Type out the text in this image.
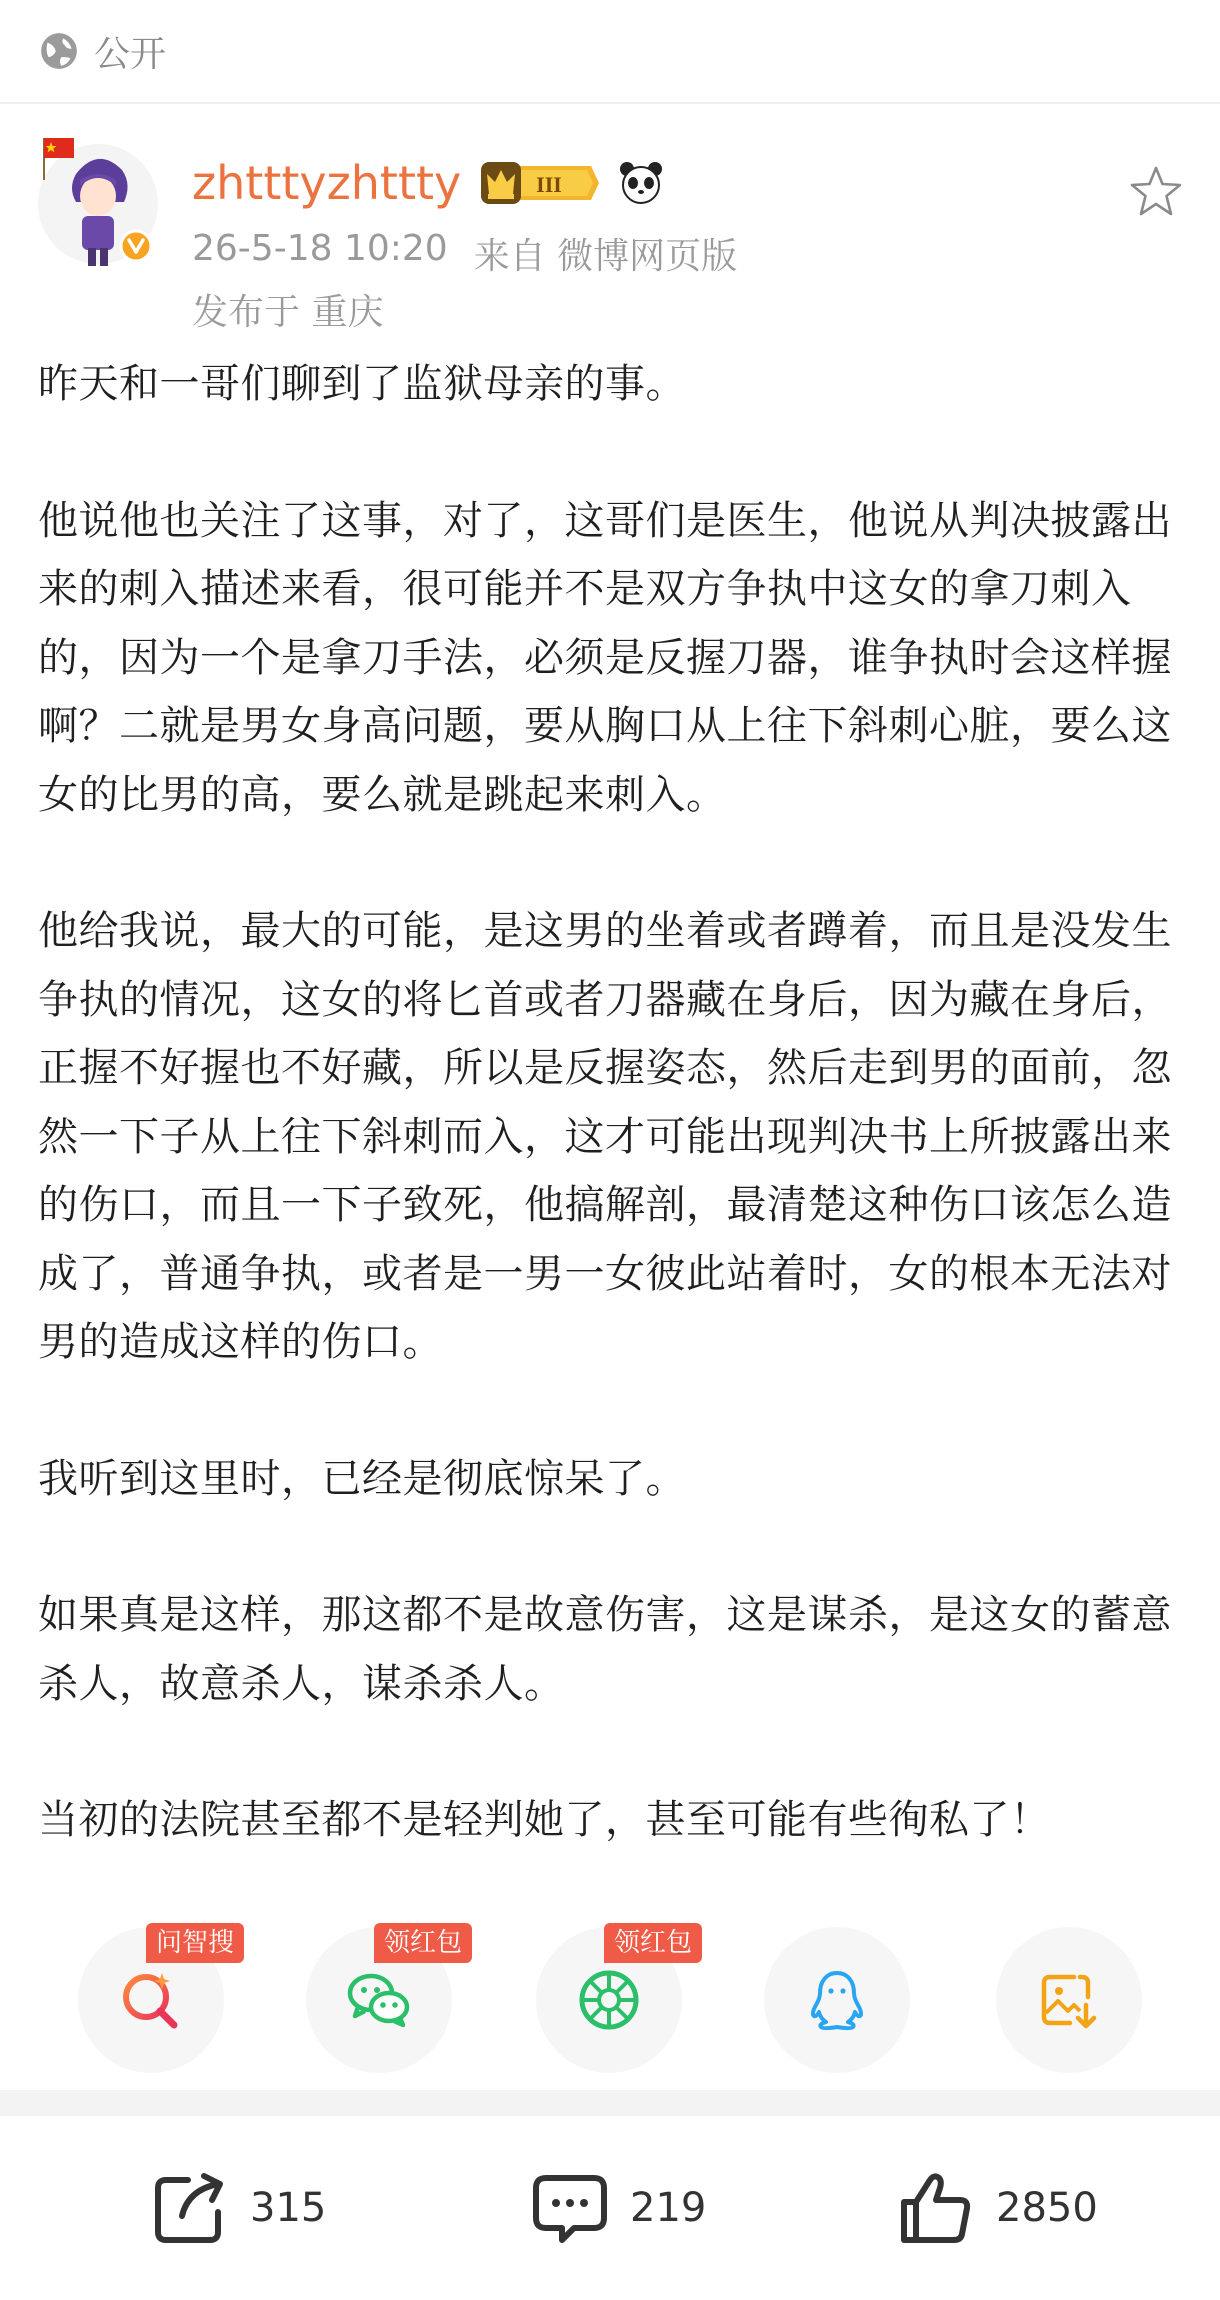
公开
zhtttyzhttty	III
26-5-18 10:20 来自 微博网页版
发布于 重庆

昨天和一哥们聊到了监狱母亲的事。

他说他也关注了这事，对了，这哥们是医生，他说从判决披露出来的刺入描述来看，很可能并不是双方争执中这女的拿刀刺入的，因为一个是拿刀手法，必须是反握刀器，谁争执时会这样握啊？二就是男女身高问题，要从胸口从上往下斜刺心脏，要么这女的比男的高，要么就是跳起来刺入。

他给我说，最大的可能，是这男的坐着或者蹲着，而且是没发生争执的情况，这女的将匕首或者刀器藏在身后，因为藏在身后，正握不好握也不好藏，所以是反握姿态，然后走到男的面前，忽然一下子从上往下斜刺而入，这才可能出现判决书上所披露出来的伤口，而且一下子致死，他搞解剖，最清楚这种伤口该怎么造成了，普通争执，或者是一男一女彼此站着时，女的根本无法对男的造成这样的伤口。

我听到这里时，已经是彻底惊呆了。

如果真是这样，那这都不是故意伤害，这是谋杀，是这女的蓄意杀人，故意杀人，谋杀杀人。

当初的法院甚至都不是轻判她了，甚至可能有些徇私了！

问智搜	领红包	领红包
315	219	2850
